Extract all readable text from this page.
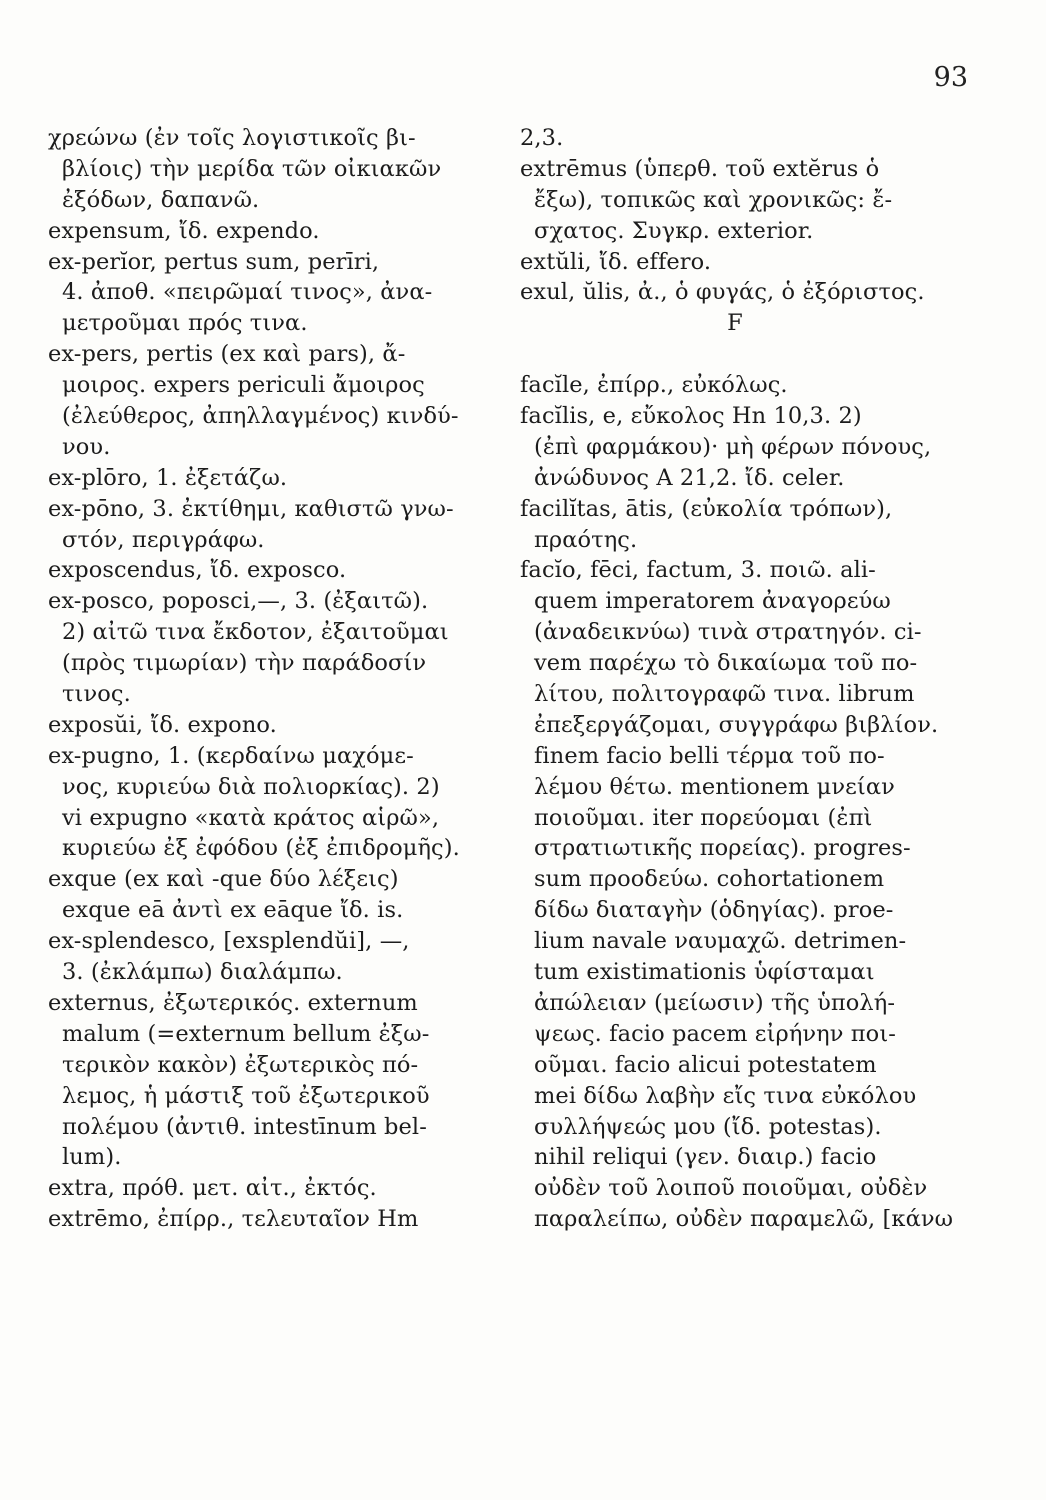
93
χρεώνω (ἐν τοῖς λογιστικοῖς βι-
βλίοις) τὴν μερίδα τῶν οἰκιακῶν
ἐξόδων, δαπανῶ.
expensum, ἴδ. expendo.
ex-perĭor, pertus sum, perīri,
4. ἀποθ. «πειρῶμαί τινος», ἀνα-
μετροῦμαι πρός τινα.
ex-pers, pertis (ex καὶ pars), ἄ-
μοιρος. expers periculi ἄμοιρος
(ἐλεύθερος, ἀπηλλαγμένος) κινδύ-
νου.
ex-plōro, 1. ἐξετάζω.
ex-pōno, 3. ἐκτίθημι, καθιστῶ γνω-
στόν, περιγράφω.
exposcendus, ἴδ. exposco.
ex-posco, poposci,—, 3. (ἐξαιτῶ).
2) αἰτῶ τινα ἔκδοτον, ἐξαιτοῦμαι
(πρὸς τιμωρίαν) τὴν παράδοσίν
τινος.
exposŭi, ἴδ. expono.
ex-pugno, 1. (κερδαίνω μαχόμε-
νος, κυριεύω διὰ πολιορκίας). 2)
vi expugno «κατὰ κράτος αἱρῶ»,
κυριεύω ἐξ ἐφόδου (ἐξ ἐπιδρομῆς).
exque (ex καὶ -que δύο λέξεις)
exque eā ἀντὶ ex eāque ἴδ. is.
ex-splendesco, [exsplendŭi], —,
3. (ἐκλάμπω) διαλάμπω.
externus, ἐξωτερικός. externum
malum (=externum bellum ἐξω-
τερικὸν κακὸν) ἐξωτερικὸς πό-
λεμος, ἡ μάστιξ τοῦ ἐξωτερικοῦ
πολέμου (ἀντιθ. intestīnum bel-
lum).
extra, πρόθ. μετ. αἰτ., ἐκτός.
extrēmo, ἐπίρρ., τελευταῖον Hm
2,3.
extrēmus (ὑπερθ. τοῦ extĕrus ὁ
ἔξω), τοπικῶς καὶ χρονικῶς: ἔ-
σχατος. Συγκρ. exterior.
extŭli, ἴδ. effero.
exul, ŭlis, ἀ., ὁ φυγάς, ὁ ἐξόριστος.
F
facĭle, ἐπίρρ., εὐκόλως.
facĭlis, e, εὔκολος Hn 10,3. 2)
(ἐπὶ φαρμάκου)· μὴ φέρων πόνους,
ἀνώδυνος A 21,2. ἴδ. celer.
facilĭtas, ātis, (εὐκολία τρόπων),
πραότης.
facĭo, fēci, factum, 3. ποιῶ. ali-
quem imperatorem ἀναγορεύω
(ἀναδεικνύω) τινὰ στρατηγόν. ci-
vem παρέχω τὸ δικαίωμα τοῦ πο-
λίτου, πολιτογραφῶ τινα. librum
ἐπεξεργάζομαι, συγγράφω βιβλίον.
finem facio belli τέρμα τοῦ πο-
λέμου θέτω. mentionem μνείαν
ποιοῦμαι. iter πορεύομαι (ἐπὶ
στρατιωτικῆς πορείας). progres-
sum προοδεύω. cohortationem
δίδω διαταγὴν (ὁδηγίας). proe-
lium navale ναυμαχῶ. detrimen-
tum existimationis ὑφίσταμαι
ἀπώλειαν (μείωσιν) τῆς ὑπολή-
ψεως. facio pacem εἰρήνην ποι-
οῦμαι. facio alicui potestatem
mei δίδω λαβὴν εἴς τινα εὐκόλου
συλλήψεώς μου (ἴδ. potestas).
nihil reliqui (γεν. διαιρ.) facio
οὐδὲν τοῦ λοιποῦ ποιοῦμαι, οὐδὲν
παραλείπω, οὐδὲν παραμελῶ, [κάνω
